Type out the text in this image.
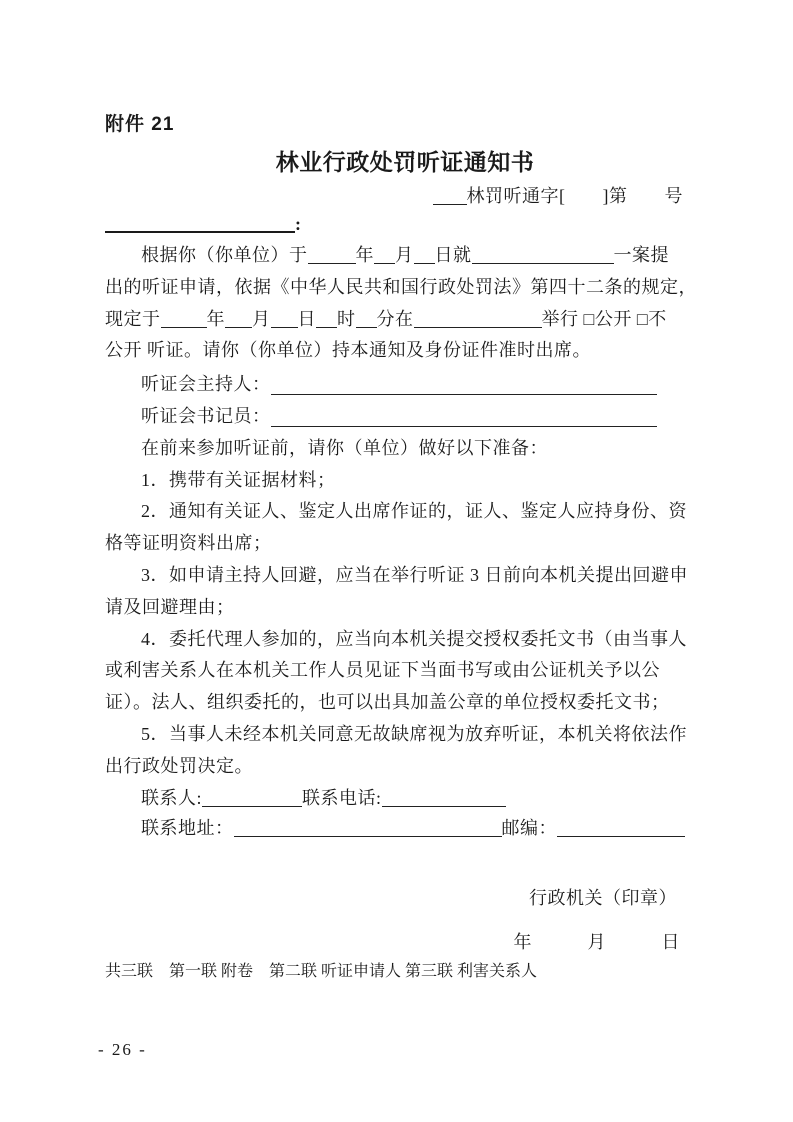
附件 21
林业行政处罚听证通知书
林罚听通字[　　]第　　号
:
根据你（你单位）于	年 月 日就	一案提
出的听证申请，依据《中华人民共和国行政处罚法》第四十二条的规定，
现定于	年 月 日 时 分在	举行 □公开 □不
公开 听证。请你（你单位）持本通知及身份证件准时出席。
听证会主持人：
听证会书记员：
在前来参加听证前，请你（单位）做好以下准备：
1．携带有关证据材料；
2．通知有关证人、鉴定人出席作证的，证人、鉴定人应持身份、资
格等证明资料出席；
3．如申请主持人回避，应当在举行听证 3 日前向本机关提出回避申
请及回避理由；
4．委托代理人参加的，应当向本机关提交授权委托文书（由当事人
或利害关系人在本机关工作人员见证下当面书写或由公证机关予以公
证）。法人、组织委托的，也可以出具加盖公章的单位授权委托文书；
5．当事人未经本机关同意无故缺席视为放弃听证，本机关将依法作
出行政处罚决定。
联系人:	联系电话:
联系地址：	邮编：
行政机关（印章）
年　　　月　　　日
共三联　第一联 附卷　第二联 听证申请人 第三联 利害关系人
- 26 -
